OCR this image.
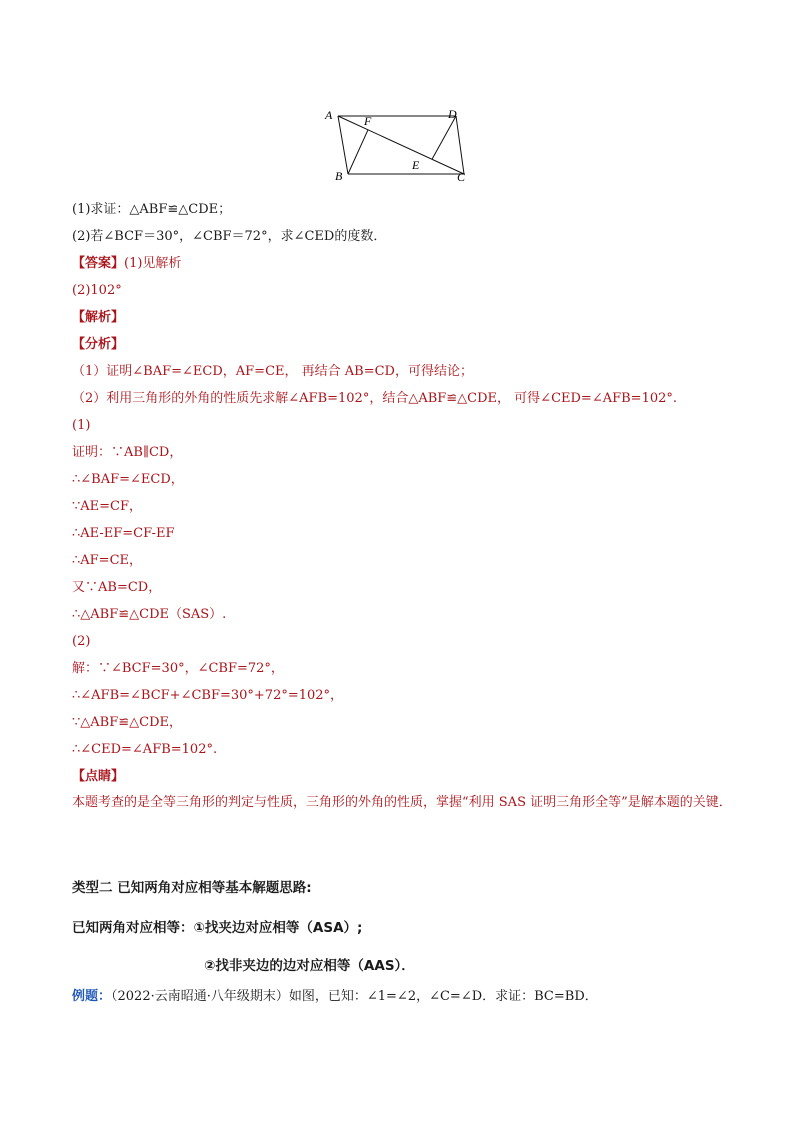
A	F	D
E
B	C
(1)求证：△ABF≌△CDE；
(2)若∠BCF＝30°，∠CBF＝72°，求∠CED的度数．
【答案】(1)见解析
(2)102°
【解析】
【分析】
（1）证明∠BAF=∠ECD，AF=CE， 再结合 AB=CD，可得结论；
（2）利用三角形的外角的性质先求解∠AFB=102°，结合△ABF≌△CDE， 可得∠CED=∠AFB=102°.
(1)
证明：∵AB∥CD，
∴∠BAF=∠ECD，
∵AE=CF，
∴AE-EF=CF-EF
∴AF=CE，
又∵AB=CD，
∴△ABF≌△CDE（SAS）.
(2)
解：∵∠BCF=30°，∠CBF=72°，
∴∠AFB=∠BCF+∠CBF=30°+72°=102°，
∵△ABF≌△CDE，
∴∠CED=∠AFB=102°.
【点睛】
本题考查的是全等三角形的判定与性质，三角形的外角的性质，掌握“利用 SAS 证明三角形全等”是解本题的关键．
类型二 已知两角对应相等基本解题思路:
已知两角对应相等：①找夹边对应相等（ASA）;
②找非夹边的边对应相等（AAS）．
例题：（2022·云南昭通·八年级期末）如图，已知：∠1=∠2，∠C=∠D．求证：BC=BD．
